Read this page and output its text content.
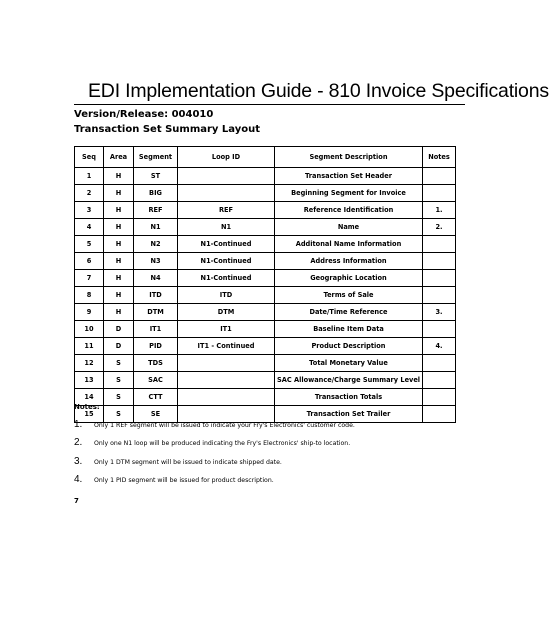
EDI Implementation Guide - 810 Invoice Specifications
Version/Release: 004010
Transaction Set Summary Layout
Seq	Area	Segment	Loop ID	Segment Description	Notes
1	H	ST		Transaction Set Header	
2	H	BIG		Beginning Segment for Invoice	
3	H	REF	REF	Reference Identification	1.
4	H	N1	N1	Name	2.
5	H	N2	N1-Continued	Additonal Name Information	
6	H	N3	N1-Continued	Address Information	
7	H	N4	N1-Continued	Geographic Location	
8	H	ITD	ITD	Terms of Sale	
9	H	DTM	DTM	Date/Time Reference	3.
10	D	IT1	IT1	Baseline Item Data	
11	D	PID	IT1 - Continued	Product Description	4.
12	S	TDS		Total Monetary Value	
13	S	SAC		SAC Allowance/Charge Summary Level	
14	S	CTT		Transaction Totals	
15	S	SE		Transaction Set Trailer	
Notes:
1. Only 1 REF segment will be issued to indicate your Fry's Electronics' customer code.
2. Only one N1 loop will be produced indicating the Fry's Electronics' ship-to location.
3. Only 1 DTM segment will be issued to indicate shipped date.
4. Only 1 PID segment will be issued for product description.
7
